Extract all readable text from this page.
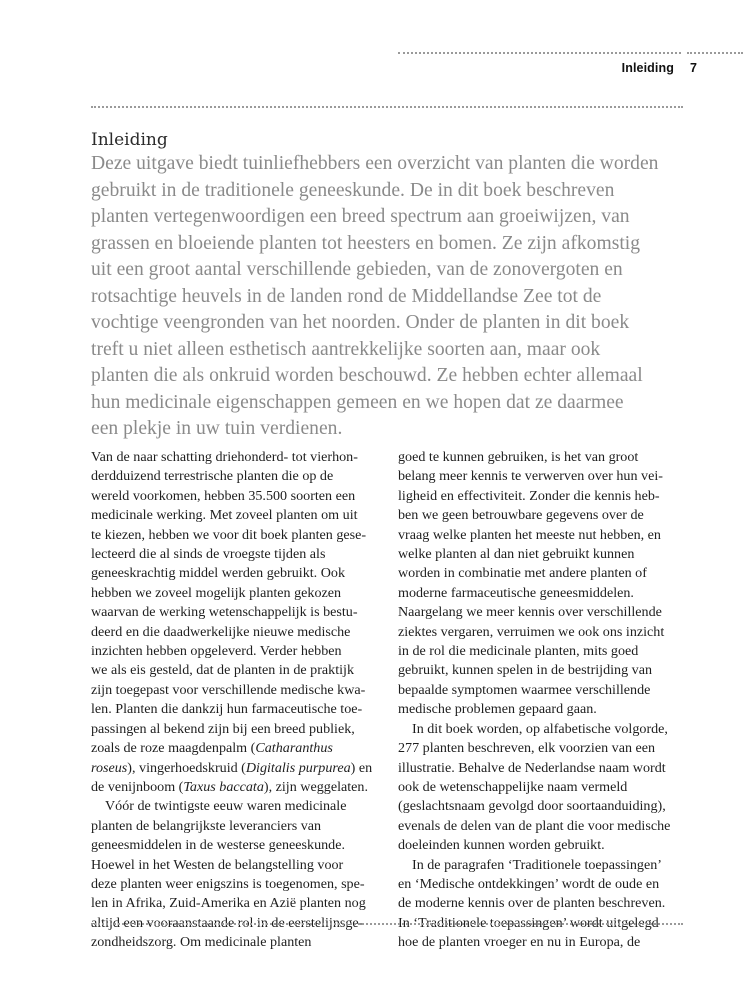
Inleiding 7
Inleiding

Deze uitgave biedt tuinliefhebbers een overzicht van planten die worden
gebruikt in de traditionele geneeskunde. De in dit boek beschreven
planten vertegenwoordigen een breed spectrum aan groeiwijzen, van
grassen en bloeiende planten tot heesters en bomen. Ze zijn afkomstig
uit een groot aantal verschillende gebieden, van de zonovergoten en
rotsachtige heuvels in de landen rond de Middellandse Zee tot de
vochtige veengronden van het noorden. Onder de planten in dit boek
treft u niet alleen esthetisch aantrekkelijke soorten aan, maar ook
planten die als onkruid worden beschouwd. Ze hebben echter allemaal
hun medicinale eigenschappen gemeen en we hopen dat ze daarmee
een plekje in uw tuin verdienen.

Van de naar schatting driehonderd- tot vierhon-
derdduizend terrestrische planten die op de
wereld voorkomen, hebben 35.500 soorten een
medicinale werking. Met zoveel planten om uit
te kiezen, hebben we voor dit boek planten gese-
lecteerd die al sinds de vroegste tijden als
geneeskrachtig middel werden gebruikt. Ook
hebben we zoveel mogelijk planten gekozen
waarvan de werking wetenschappelijk is bestu-
deerd en die daadwerkelijke nieuwe medische
inzichten hebben opgeleverd. Verder hebben
we als eis gesteld, dat de planten in de praktijk
zijn toegepast voor verschillende medische kwa-
len. Planten die dankzij hun farmaceutische toe-
passingen al bekend zijn bij een breed publiek,
zoals de roze maagdenpalm (Catharanthus
roseus), vingerhoedskruid (Digitalis purpurea) en
de venijnboom (Taxus baccata), zijn weggelaten.
Vóór de twintigste eeuw waren medicinale
planten de belangrijkste leveranciers van
geneesmiddelen in de westerse geneeskunde.
Hoewel in het Westen de belangstelling voor
deze planten weer enigszins is toegenomen, spe-
len in Afrika, Zuid-Amerika en Azië planten nog
altijd een vooraanstaande rol in de eerstelijnsge-
zondheidszorg. Om medicinale planten
goed te kunnen gebruiken, is het van groot
belang meer kennis te verwerven over hun vei-
ligheid en effectiviteit. Zonder die kennis heb-
ben we geen betrouwbare gegevens over de
vraag welke planten het meeste nut hebben, en
welke planten al dan niet gebruikt kunnen
worden in combinatie met andere planten of
moderne farmaceutische geneesmiddelen.
Naargelang we meer kennis over verschillende
ziektes vergaren, verruimen we ook ons inzicht
in de rol die medicinale planten, mits goed
gebruikt, kunnen spelen in de bestrijding van
bepaalde symptomen waarmee verschillende
medische problemen gepaard gaan.
In dit boek worden, op alfabetische volgorde,
277 planten beschreven, elk voorzien van een
illustratie. Behalve de Nederlandse naam wordt
ook de wetenschappelijke naam vermeld
(geslachtsnaam gevolgd door soortaanduiding),
evenals de delen van de plant die voor medische
doeleinden kunnen worden gebruikt.
In de paragrafen ‘Traditionele toepassingen’
en ‘Medische ontdekkingen’ wordt de oude en
de moderne kennis over de planten beschreven.
In ‘Traditionele toepassingen’ wordt uitgelegd
hoe de planten vroeger en nu in Europa, de
